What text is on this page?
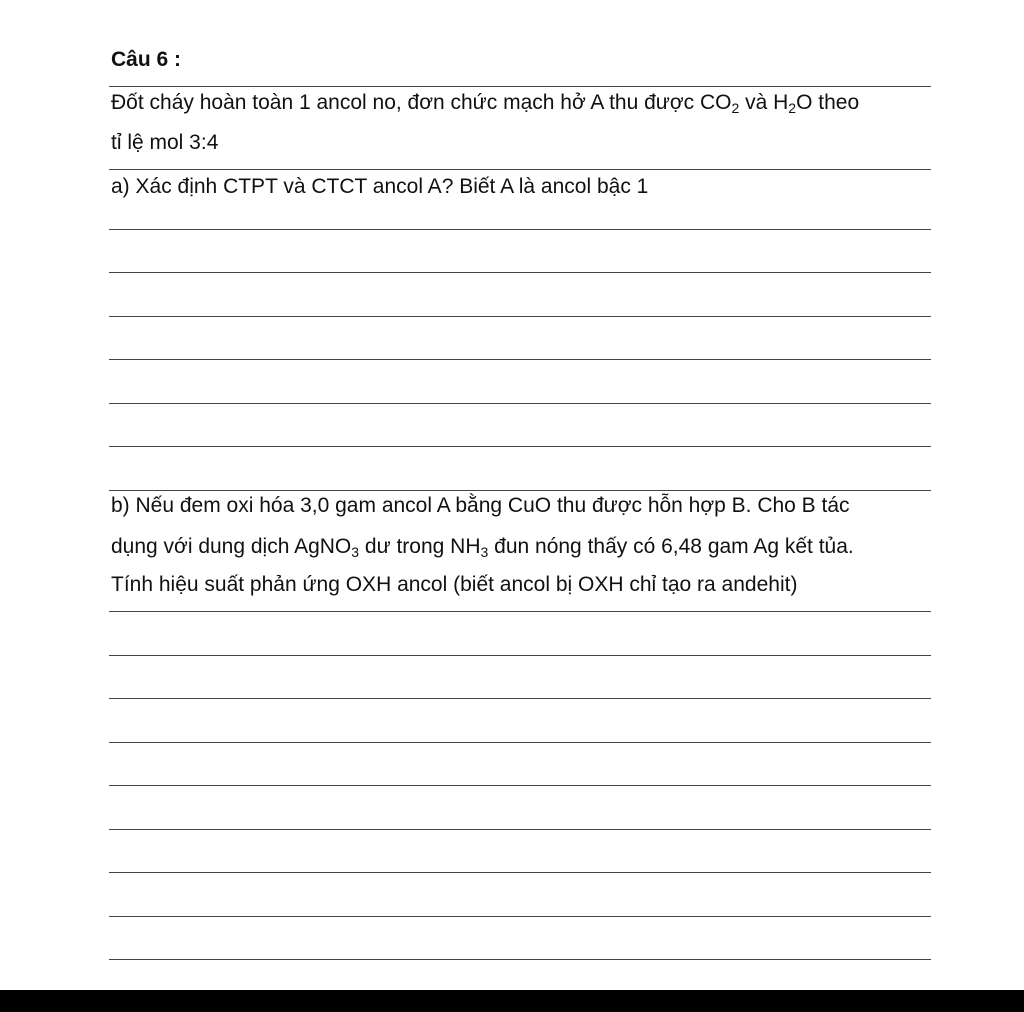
Câu 6 :
Đốt cháy hoàn toàn 1 ancol no, đơn chức mạch hở A thu được $CO_2$ và $H_2O$ theo
tỉ lệ mol 3:4
a) Xác định CTPT và CTCT ancol A? Biết A là ancol bậc 1
b) Nếu đem oxi hóa 3,0 gam ancol A bằng CuO thu được hỗn hợp B. Cho B tác
dụng với dung dịch AgNO$_3$ dư trong $NH_3$ đun nóng thấy có 6,48 gam Ag kết tủa.
Tính hiệu suất phản ứng OXH ancol (biết ancol bị OXH chỉ tạo ra andehit)
